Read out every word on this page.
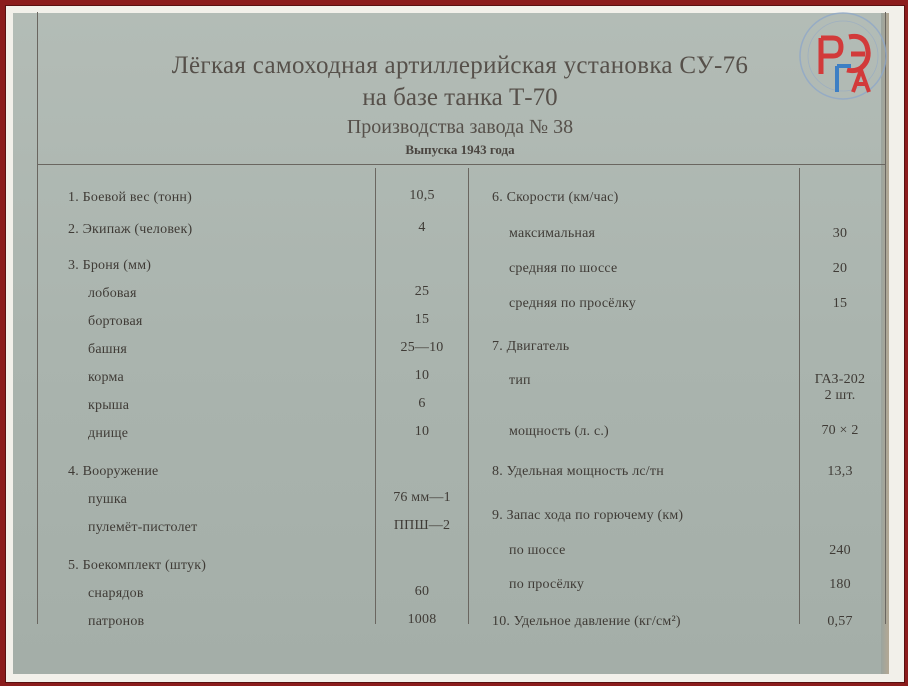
Лёгкая самоходная артиллерийская установка СУ-76
на базе танка Т-70
Производства завода № 38
Выпуска 1943 года
1. Боевой вес (тонн)	10,5
2. Экипаж (человек)	4
3. Броня (мм)
лобовая	25
бортовая	15
башня	25—10
корма	10
крыша	6
днище	10
4. Вооружение
пушка	76 мм—1
пулемёт-пистолет	ППШ—2
5. Боекомплект (штук)
снарядов	60
патронов	1008
6. Скорости (км/час)
максимальная	30
средняя по шоссе	20
средняя по просёлку	15
7. Двигатель
тип	ГАЗ-202
2 шт.
мощность (л. с.)	70 × 2
8. Удельная мощность лс/тн	13,3
9. Запас хода по горючему (км)
по шоссе	240
по просёлку	180
10. Удельное давление (кг/см²)	0,57
